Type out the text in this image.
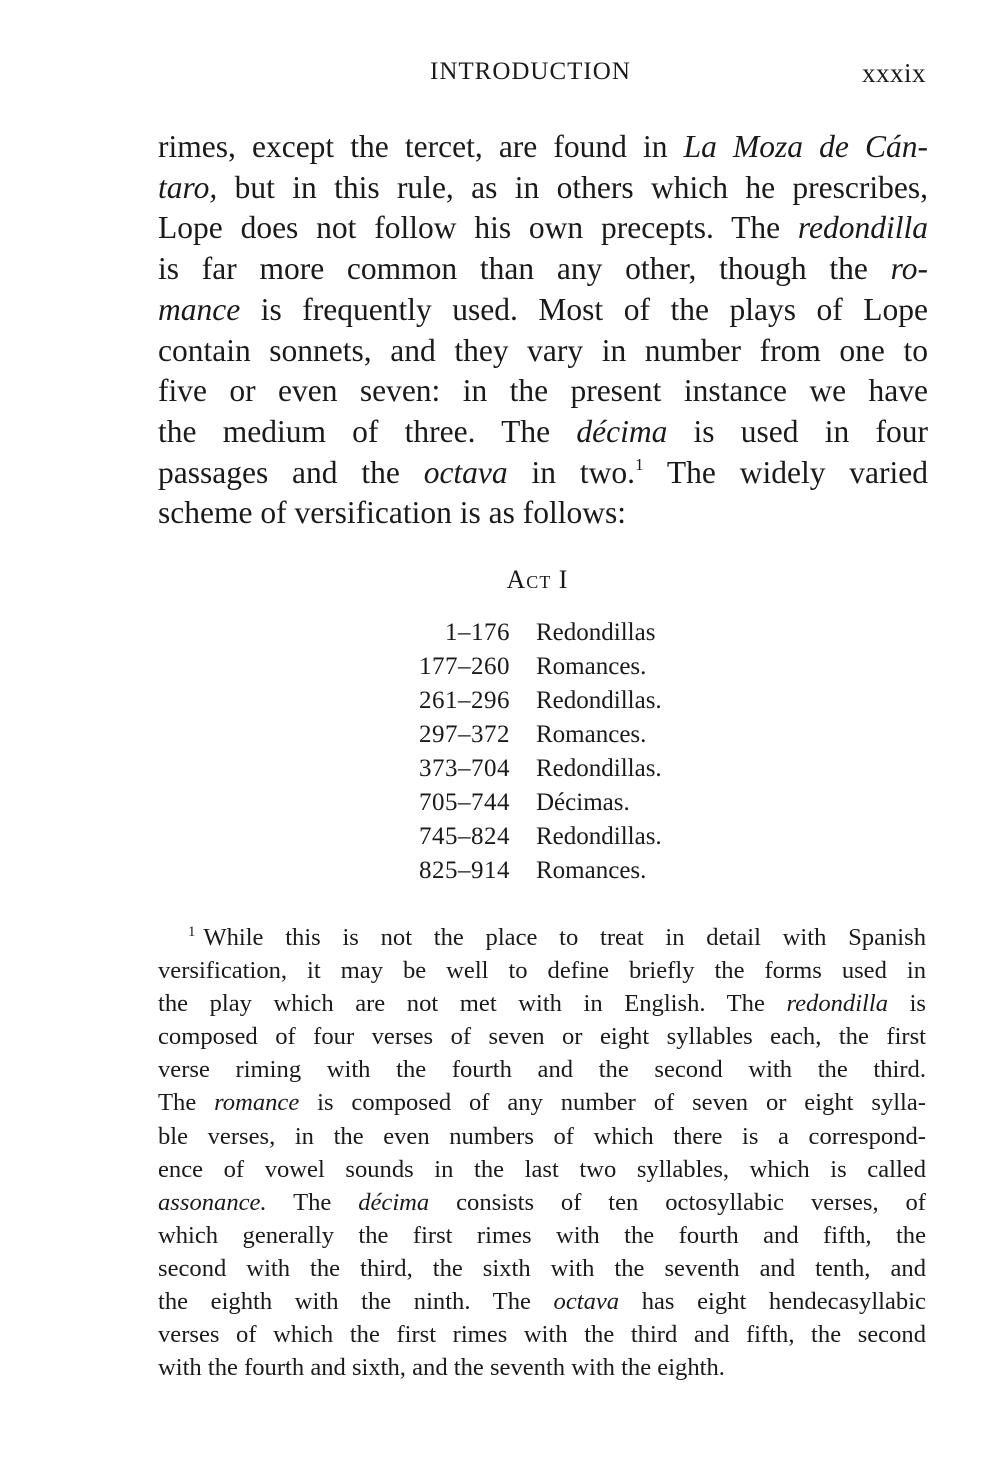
INTRODUCTION	xxxix
rimes, except the tercet, are found in La Moza de Cán-
taro, but in this rule, as in others which he prescribes,
Lope does not follow his own precepts. The redondilla
is far more common than any other, though the ro-
mance is frequently used. Most of the plays of Lope
contain sonnets, and they vary in number from one to
five or even seven: in the present instance we have
the medium of three. The décima is used in four
passages and the octava in two.$^1$ The widely varied
scheme of versification is as follows:
Act I
1–176	Redondillas
177–260	Romances.
261–296	Redondillas.
297–372	Romances.
373–704	Redondillas.
705–744	Décimas.
745–824	Redondillas.
825–914	Romances.
$^1$ While this is not the place to treat in detail with Spanish
versification, it may be well to define briefly the forms used in
the play which are not met with in English. The redondilla is
composed of four verses of seven or eight syllables each, the first
verse riming with the fourth and the second with the third.
The romance is composed of any number of seven or eight sylla-
ble verses, in the even numbers of which there is a correspond-
ence of vowel sounds in the last two syllables, which is called
assonance. The décima consists of ten octosyllabic verses, of
which generally the first rimes with the fourth and fifth, the
second with the third, the sixth with the seventh and tenth, and
the eighth with the ninth. The octava has eight hendecasyllabic
verses of which the first rimes with the third and fifth, the second
with the fourth and sixth, and the seventh with the eighth.
